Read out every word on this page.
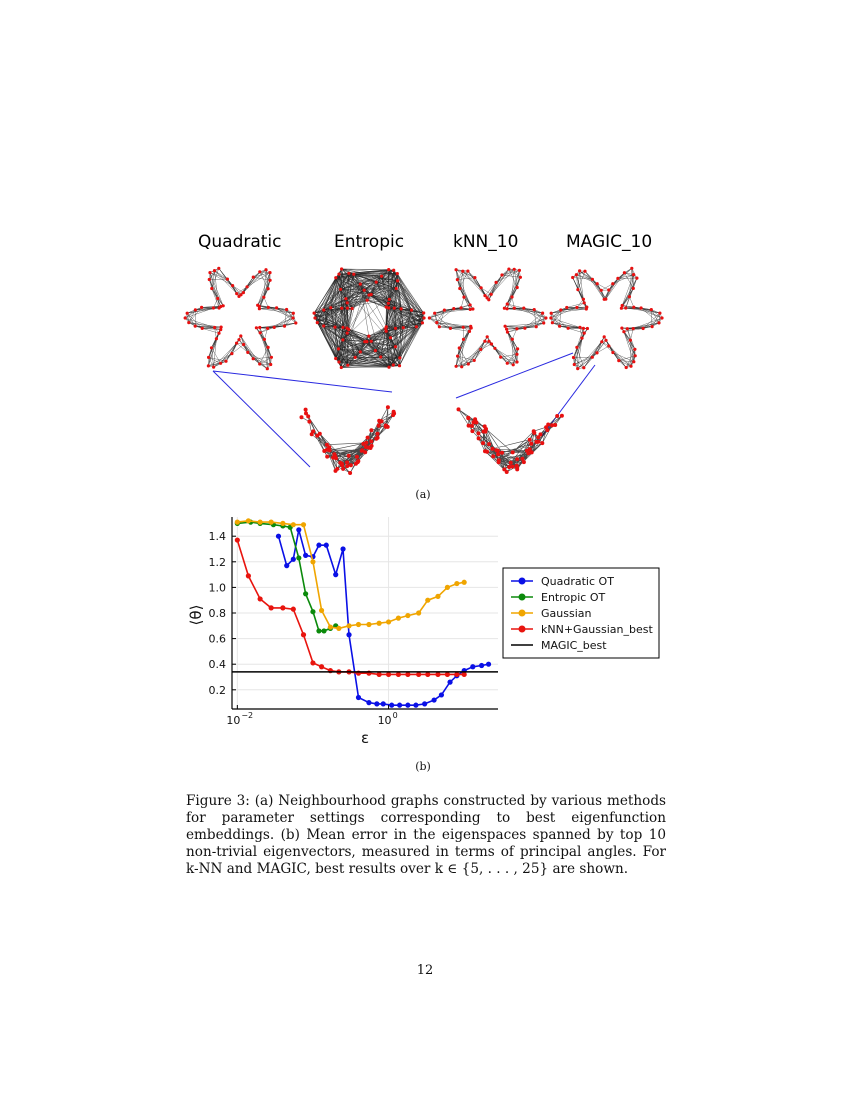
Quadratic	Entropic	kNN_10	MAGIC_10
(a)
0.2
0.4
0.6
0.8
1.0
1.2
1.4
10 −2	10 0
Quadratic OT
Entropic OT
Gaussian
kNN+Gaussian_best
MAGIC_best
ε
⟨θ⟩
(b)
Figure 3: (a) Neighbourhood graphs constructed by various methods for parameter settings corresponding to best eigenfunction embeddings. (b) Mean error in the eigenspaces spanned by top 10 non-trivial eigenvectors, measured in terms of principal angles. For k-NN and MAGIC, best results over k ∈ {5, . . . , 25} are shown.
12
